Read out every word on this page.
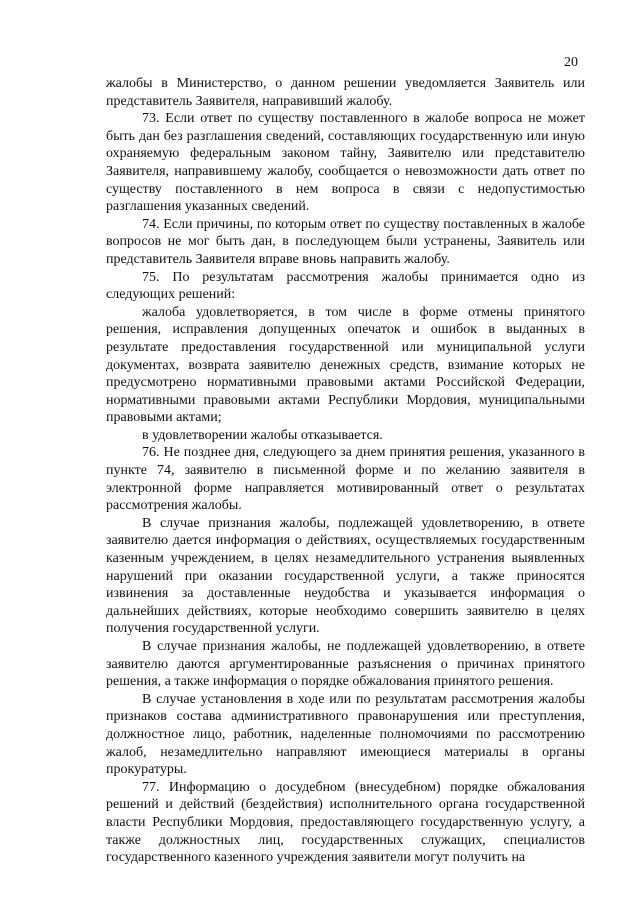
20

жалобы в Министерство, о данном решении уведомляется Заявитель или представитель Заявителя, направивший жалобу.

73. Если ответ по существу поставленного в жалобе вопроса не может быть дан без разглашения сведений, составляющих государственную или иную охраняемую федеральным законом тайну, Заявителю или представителю Заявителя, направившему жалобу, сообщается о невозможности дать ответ по существу поставленного в нем вопроса в связи с недопустимостью разглашения указанных сведений.

74. Если причины, по которым ответ по существу поставленных в жалобе вопросов не мог быть дан, в последующем были устранены, Заявитель или представитель Заявителя вправе вновь направить жалобу.

75. По результатам рассмотрения жалобы принимается одно из следующих решений:

жалоба удовлетворяется, в том числе в форме отмены принятого решения, исправления допущенных опечаток и ошибок в выданных в результате предоставления государственной или муниципальной услуги документах, возврата заявителю денежных средств, взимание которых не предусмотрено нормативными правовыми актами Российской Федерации, нормативными правовыми актами Республики Мордовия, муниципальными правовыми актами;

в удовлетворении жалобы отказывается.

76. Не позднее дня, следующего за днем принятия решения, указанного в пункте 74, заявителю в письменной форме и по желанию заявителя в электронной форме направляется мотивированный ответ о результатах рассмотрения жалобы.

В случае признания жалобы, подлежащей удовлетворению, в ответе заявителю дается информация о действиях, осуществляемых государственным казенным учреждением, в целях незамедлительного устранения выявленных нарушений при оказании государственной услуги, а также приносятся извинения за доставленные неудобства и указывается информация о дальнейших действиях, которые необходимо совершить заявителю в целях получения государственной услуги.

В случае признания жалобы, не подлежащей удовлетворению, в ответе заявителю даются аргументированные разъяснения о причинах принятого решения, а также информация о порядке обжалования принятого решения.

В случае установления в ходе или по результатам рассмотрения жалобы признаков состава административного правонарушения или преступления, должностное лицо, работник, наделенные полномочиями по рассмотрению жалоб, незамедлительно направляют имеющиеся материалы в органы прокуратуры.

77. Информацию о досудебном (внесудебном) порядке обжалования решений и действий (бездействия) исполнительного органа государственной власти Республики Мордовия, предоставляющего государственную услугу, а также должностных лиц, государственных служащих, специалистов государственного казенного учреждения заявители могут получить на
